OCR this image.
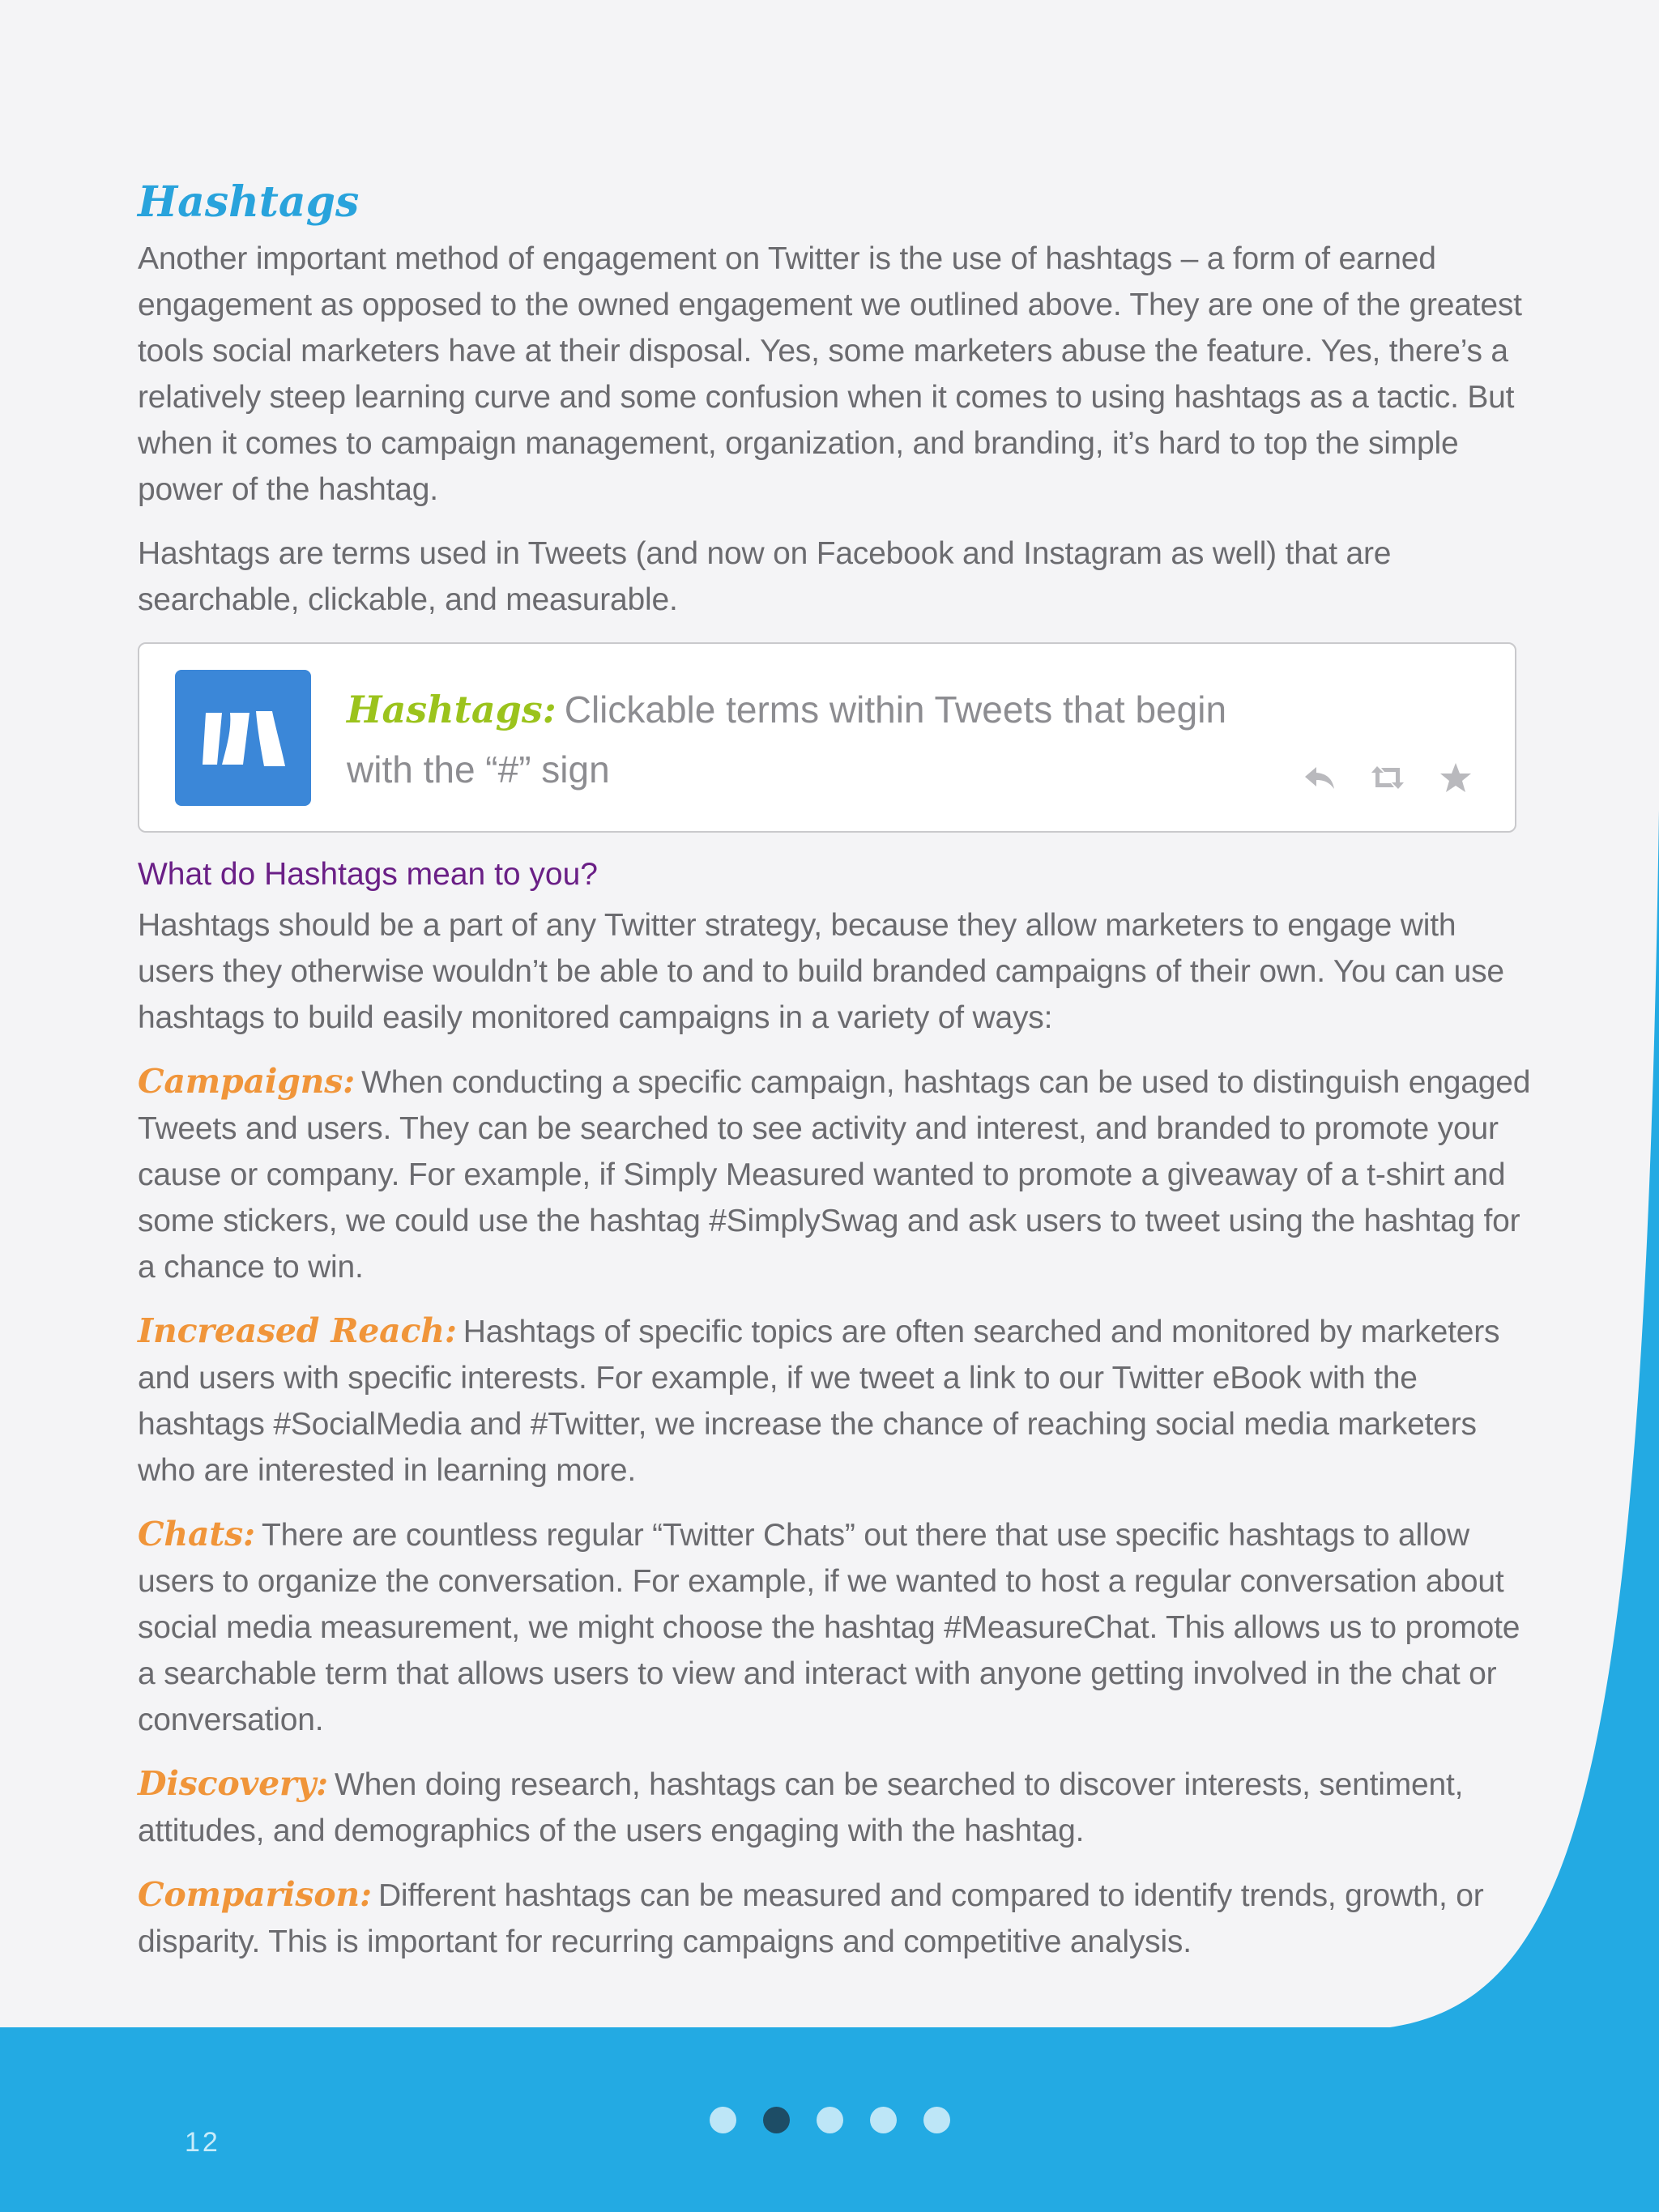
Hashtags

Another important method of engagement on Twitter is the use of hashtags – a form of earned engagement as opposed to the owned engagement we outlined above. They are one of the greatest tools social marketers have at their disposal. Yes, some marketers abuse the feature. Yes, there’s a relatively steep learning curve and some confusion when it comes to using hashtags as a tactic. But when it comes to campaign management, organization, and branding, it’s hard to top the simple power of the hashtag.

Hashtags are terms used in Tweets (and now on Facebook and Instagram as well) that are searchable, clickable, and measurable.

Hashtags: Clickable terms within Tweets that begin with the “#” sign
What do Hashtags mean to you?

Hashtags should be a part of any Twitter strategy, because they allow marketers to engage with users they otherwise wouldn’t be able to and to build branded campaigns of their own. You can use hashtags to build easily monitored campaigns in a variety of ways:

Campaigns: When conducting a specific campaign, hashtags can be used to distinguish engaged Tweets and users. They can be searched to see activity and interest, and branded to promote your cause or company. For example, if Simply Measured wanted to promote a giveaway of a t-shirt and some stickers, we could use the hashtag #SimplySwag and ask users to tweet using the hashtag for a chance to win.

Increased Reach: Hashtags of specific topics are often searched and monitored by marketers and users with specific interests. For example, if we tweet a link to our Twitter eBook with the hashtags #SocialMedia and #Twitter, we increase the chance of reaching social media marketers who are interested in learning more.

Chats: There are countless regular “Twitter Chats” out there that use specific hashtags to allow users to organize the conversation. For example, if we wanted to host a regular conversation about social media measurement, we might choose the hashtag #MeasureChat. This allows us to promote a searchable term that allows users to view and interact with anyone getting involved in the chat or conversation.

Discovery: When doing research, hashtags can be searched to discover interests, sentiment, attitudes, and demographics of the users engaging with the hashtag.

Comparison: Different hashtags can be measured and compared to identify trends, growth, or disparity. This is important for recurring campaigns and competitive analysis.

12
